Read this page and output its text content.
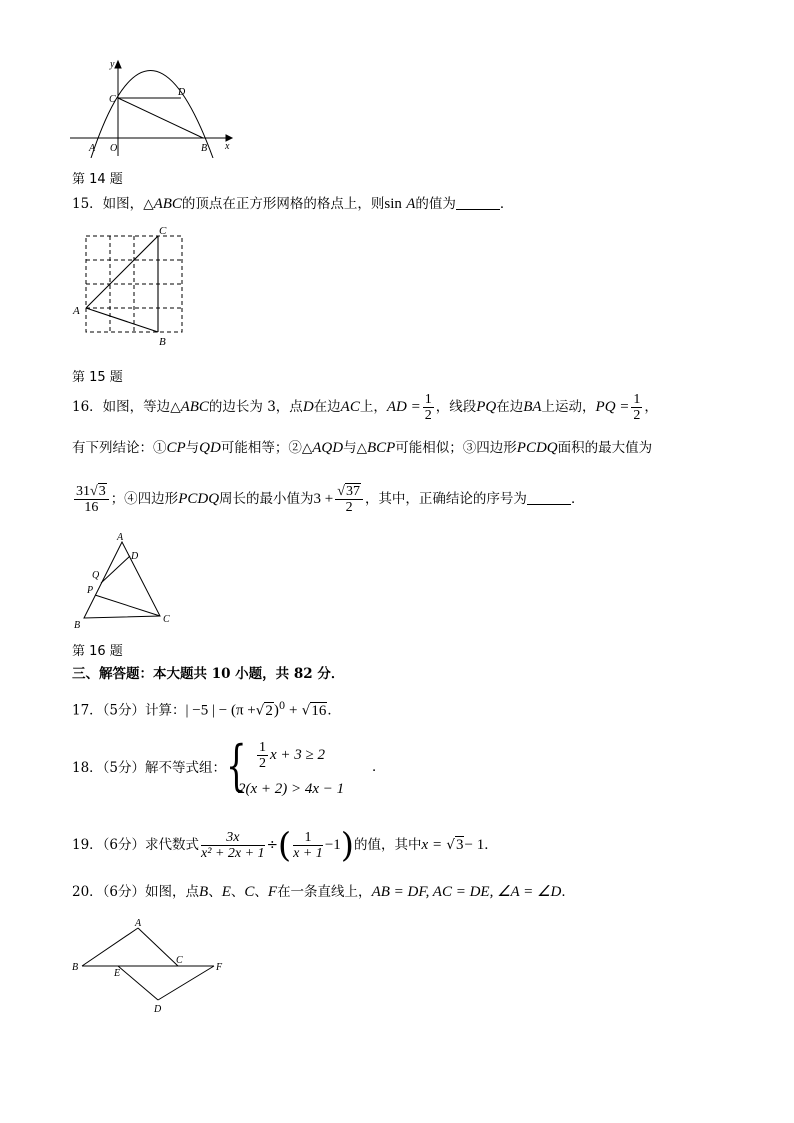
y
C
D
A O	B x
第 14 题
15．如图，△ABC的顶点在正方形网格的格点上，则sin A的值为	．
A
B
C
第 15 题
16．如图，等边△ABC的边长为 3，点D在边AC上，AD = $\frac{1}{2}$ ，线段PQ在边BA上运动，PQ = $\frac{1}{2}$ ，
有下列结论：①CP与QD可能相等；②△AQD与△BCP可能相似；③四边形PCDQ面积的最大值为
$\frac{31√3}{16}$ ；④四边形PCDQ周长的最小值为$3 + \frac{√37}{2}$ ，其中，正确结论的序号为	．
A
D
Q
P
B
C
第 16 题
三、解答题：本大题共 10 小题，共 82 分．
17．（5分）计算：| −5 | − $(\pi +√2)^0 + √16$．
18．（5分）解不等式组： { $\frac{1}{2}$ x + 3 ≥ 2
2(x + 2) > 4x − 1
．
19．（6分）求代数式 $\frac{3x}{\text{x² + 2x + 1}}$ ÷( $\frac{1}{x + 1} -1$)的值，其中x = √3− 1．
20．（6分）如图，点B、E、C、F在一条直线上，AB = DF, AC = DE, ∠A = ∠D．
A
B
E
C
F
D
